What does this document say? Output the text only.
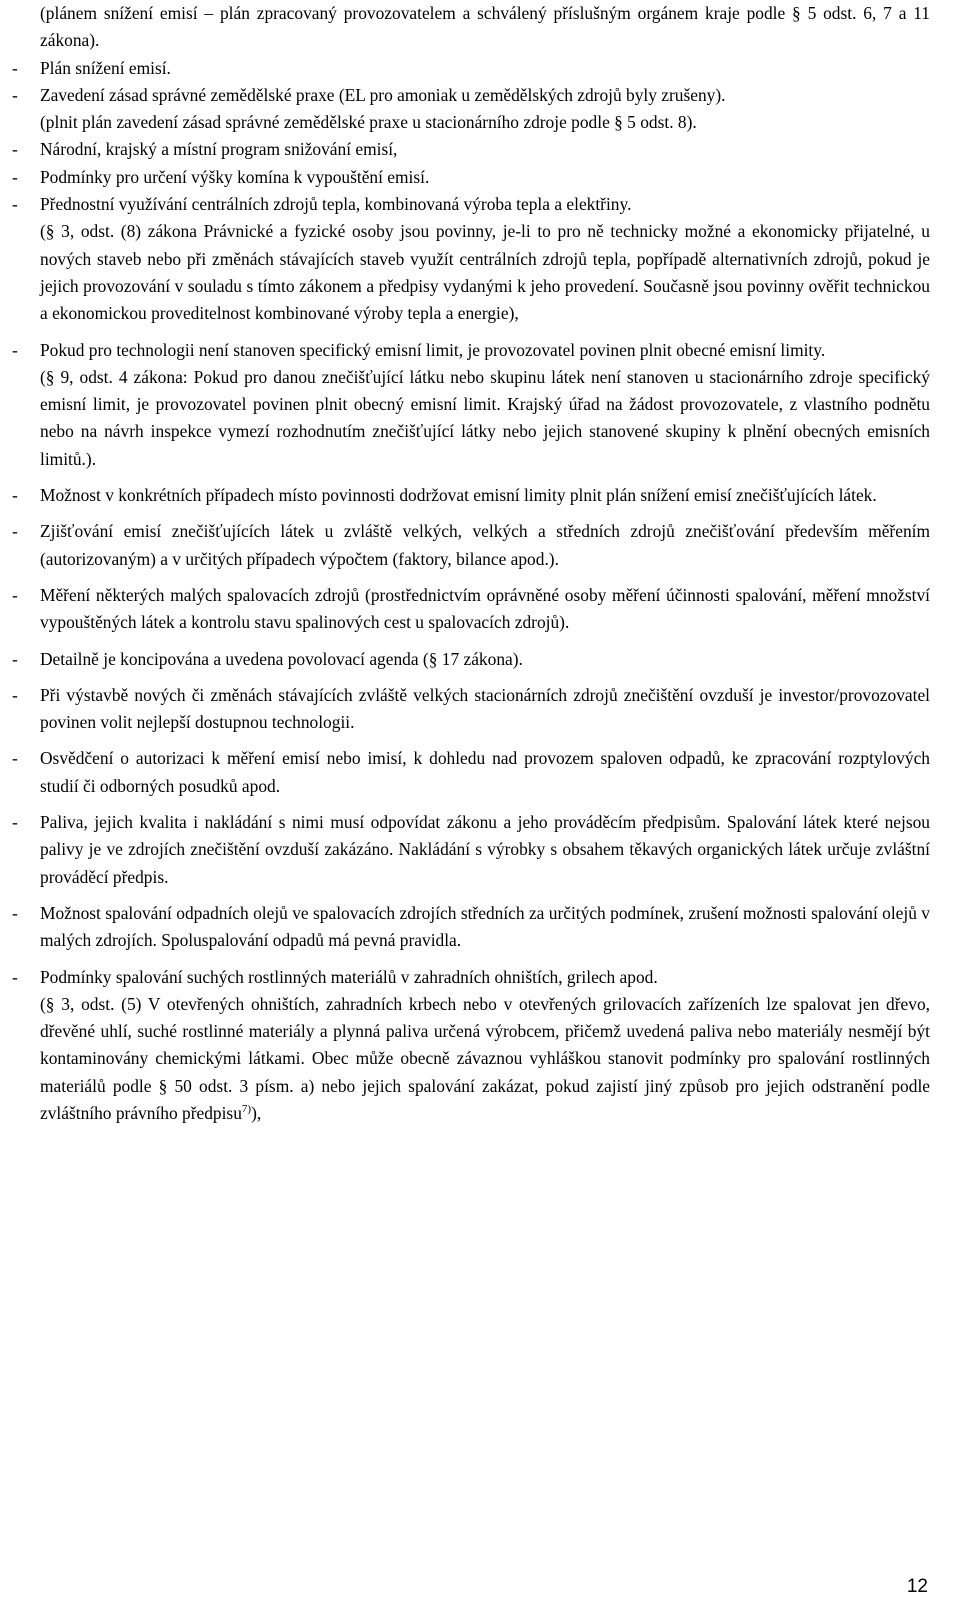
(plánem snížení emisí – plán zpracovaný provozovatelem a schválený příslušným orgánem kraje podle § 5 odst. 6, 7 a 11 zákona).

- Plán snížení emisí.

- Zavedení zásad správné zemědělské praxe (EL pro amoniak u zemědělských zdrojů byly zrušeny).

(plnit plán zavedení zásad správné zemědělské praxe u stacionárního zdroje podle § 5 odst. 8).

- Národní, krajský a místní program snižování emisí,

- Podmínky pro určení výšky komína k vypouštění emisí.

- Přednostní využívání centrálních zdrojů tepla, kombinovaná výroba tepla a elektřiny.

(§ 3, odst. (8) zákona Právnické a fyzické osoby jsou povinny, je-li to pro ně technicky možné a ekonomicky přijatelné, u nových staveb nebo při změnách stávajících staveb využít centrálních zdrojů tepla, popřípadě alternativních zdrojů, pokud je jejich provozování v souladu s tímto zákonem a předpisy vydanými k jeho provedení. Současně jsou povinny ověřit technickou a ekonomickou proveditelnost kombinované výroby tepla a energie),

- Pokud pro technologii není stanoven specifický emisní limit, je provozovatel povinen plnit obecné emisní limity.

(§ 9, odst. 4 zákona: Pokud pro danou znečišťující látku nebo skupinu látek není stanoven u stacionárního zdroje specifický emisní limit, je provozovatel povinen plnit obecný emisní limit. Krajský úřad na žádost provozovatele, z vlastního podnětu nebo na návrh inspekce vymezí rozhodnutím znečišťující látky nebo jejich stanovené skupiny k plnění obecných emisních limitů.).

- Možnost v konkrétních případech místo povinnosti dodržovat emisní limity plnit plán snížení emisí znečišťujících látek.

- Zjišťování emisí znečišťujících látek u zvláště velkých, velkých a středních zdrojů znečišťování především měřením (autorizovaným) a v určitých případech výpočtem (faktory, bilance apod.).

- Měření některých malých spalovacích zdrojů (prostřednictvím oprávněné osoby měření účinnosti spalování, měření množství vypouštěných látek a kontrolu stavu spalinových cest u spalovacích zdrojů).

- Detailně je koncipována a uvedena povolovací agenda (§ 17 zákona).

- Při výstavbě nových či změnách stávajících zvláště velkých stacionárních zdrojů znečištění ovzduší je investor/provozovatel povinen volit nejlepší dostupnou technologii.

- Osvědčení o autorizaci k měření emisí nebo imisí, k dohledu nad provozem spaloven odpadů, ke zpracování rozptylových studií či odborných posudků apod.

- Paliva, jejich kvalita i nakládání s nimi musí odpovídat zákonu a jeho prováděcím předpisům. Spalování látek které nejsou palivy je ve zdrojích znečištění ovzduší zakázáno. Nakládání s výrobky s obsahem těkavých organických látek určuje zvláštní prováděcí předpis.

- Možnost spalování odpadních olejů ve spalovacích zdrojích středních za určitých podmínek, zrušení možnosti spalování olejů v malých zdrojích. Spoluspalování odpadů má pevná pravidla.

- Podmínky spalování suchých rostlinných materiálů v zahradních ohništích, grilech apod.

(§ 3, odst. (5) V otevřených ohništích, zahradních krbech nebo v otevřených grilovacích zařízeních lze spalovat jen dřevo, dřevěné uhlí, suché rostlinné materiály a plynná paliva určená výrobcem, přičemž uvedená paliva nebo materiály nesmějí být kontaminovány chemickými látkami. Obec může obecně závaznou vyhláškou stanovit podmínky pro spalování rostlinných materiálů podle § 50 odst. 3 písm. a) nebo jejich spalování zakázat, pokud zajistí jiný způsob pro jejich odstranění podle zvláštního právního předpisu$^{7)}$),

12
